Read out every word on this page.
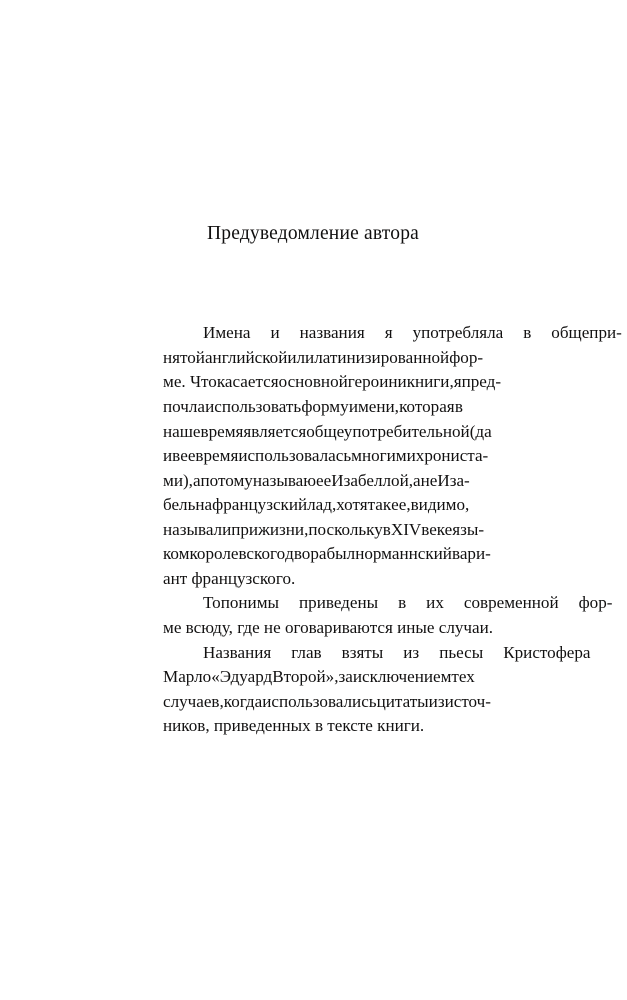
Предуведомление автора
Имена	и	названия	я	употребляла	в	общепри-
нятой английской или латинизированной фор-
ме. Что касается основной героини книги, я пред-
почла использовать форму имени, которая в
наше время является общеупотребительной (да
и в ее время использовалась многими хрониста-
ми), а потому называю ее Изабеллой, а не Иза-
бель на французский лад, хотя так ее, видимо,
называли при жизни, поскольку в XIV веке язы-
ком королевского двора был норманнский вари-
ант французского.
Топонимы	приведены	в	их	современной	фор-
ме всюду, где не оговариваются иные случаи.
Названия	глав	взяты	из	пьесы	Кристофера
Марло «Эдуард Второй», за исключением тех
случаев, когда использовались цитаты из источ-
ников, приведенных в тексте книги.
